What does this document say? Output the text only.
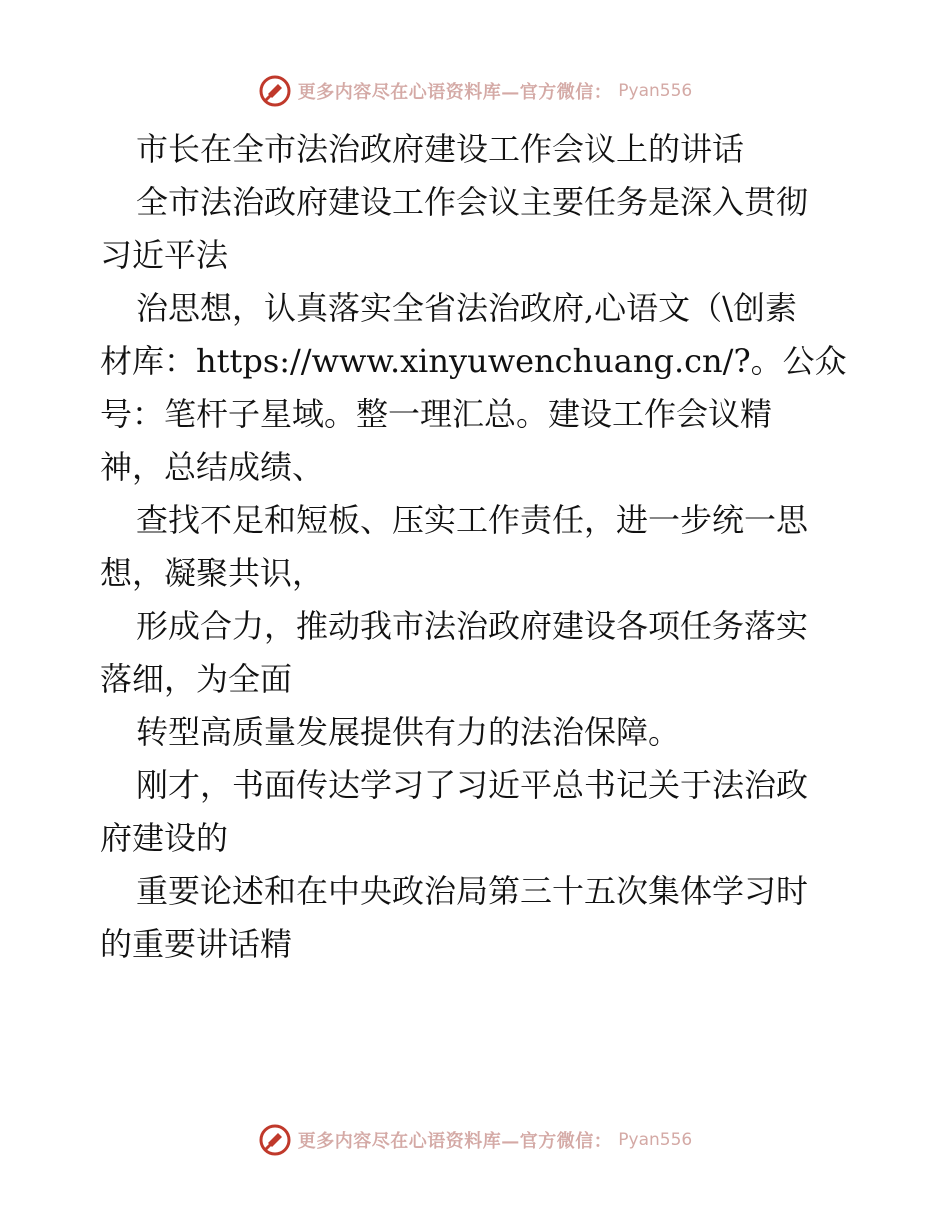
更多内容尽在心语资料库—官方微信： Pyan556
市长在全市法治政府建设工作会议上的讲话
全市法治政府建设工作会议主要任务是深入贯彻
习近平法
治思想，认真落实全省法治政府,心语文（\创素
材库：https://www.xinyuwenchuang.cn/?。公众
号：笔杆子星域。整一理汇总。建设工作会议精
神，总结成绩、
查找不足和短板、压实工作责任，进一步统一思
想，凝聚共识，
形成合力，推动我市法治政府建设各项任务落实
落细，为全面
转型高质量发展提供有力的法治保障。
刚才，书面传达学习了习近平总书记关于法治政
府建设的
重要论述和在中央政治局第三十五次集体学习时
的重要讲话精
更多内容尽在心语资料库—官方微信： Pyan556
